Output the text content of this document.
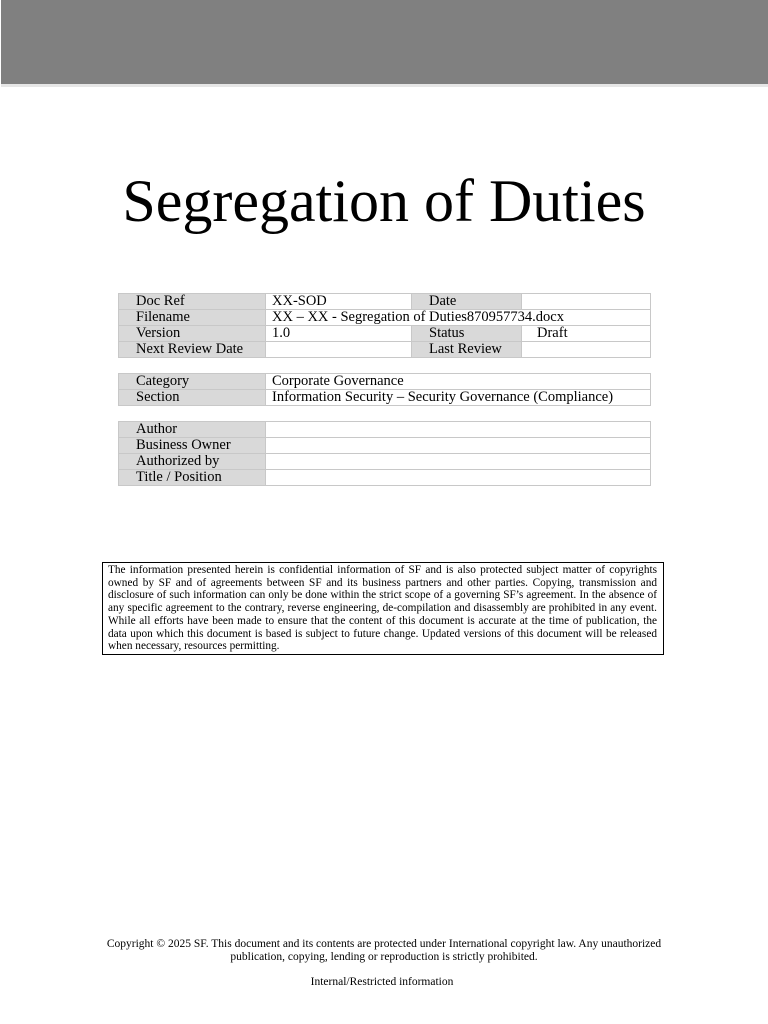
Segregation of Duties
Doc Ref	XX-SOD	Date	
Filename	XX – XX - Segregation of Duties870957734.docx		
Version	1.0	Status	Draft
Next Review Date		Last Review	
Category	Corporate Governance
Section	Information Security – Security Governance (Compliance)
Author	
Business Owner	
Authorized by	
Title / Position	
The information presented herein is confidential information of SF and is also protected subject matter of copyrights owned by SF and of agreements between SF and its business partners and other parties. Copying, transmission and disclosure of such information can only be done within the strict scope of a governing SF’s agreement. In the absence of any specific agreement to the contrary, reverse engineering, de-compilation and disassembly are prohibited in any event. While all efforts have been made to ensure that the content of this document is accurate at the time of publication, the data upon which this document is based is subject to future change. Updated versions of this document will be released when necessary, resources permitting.
Copyright © 2025 SF. This document and its contents are protected under International copyright law. Any unauthorized publication, copying, lending or reproduction is strictly prohibited.
Internal/Restricted information
